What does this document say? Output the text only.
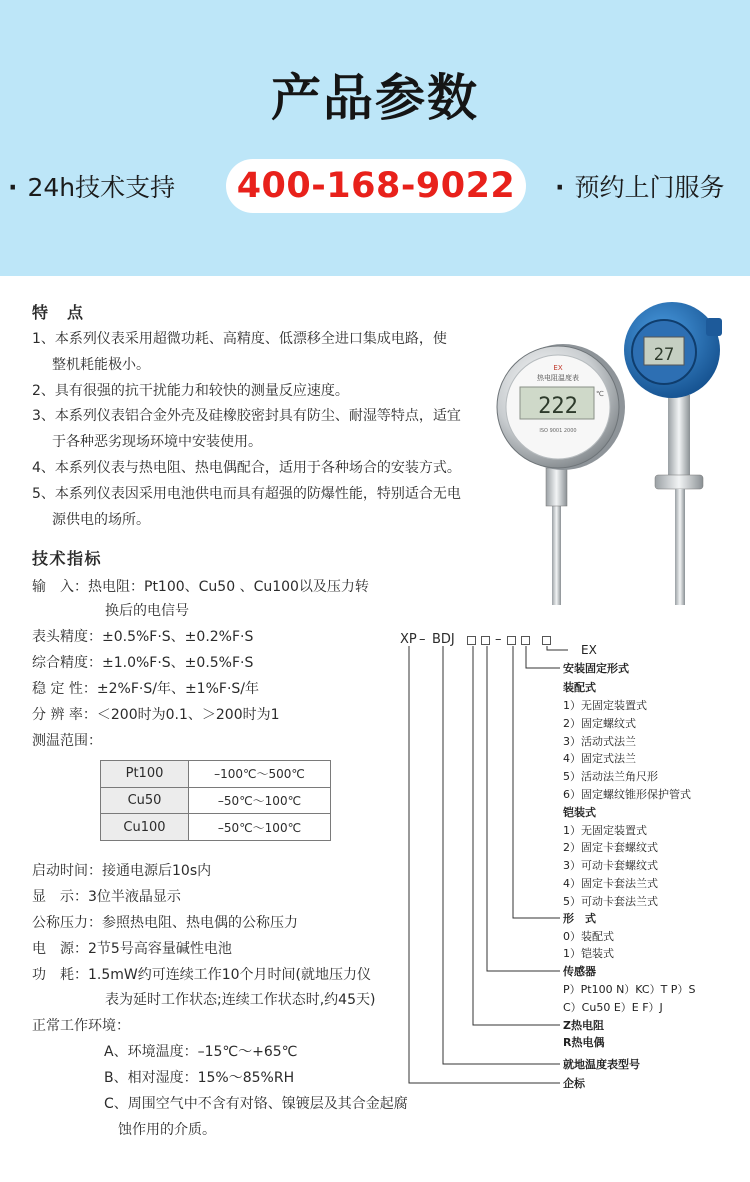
产品参数
· 24h技术支持	400-168-9022	· 预约上门服务
特　点
1、本系列仪表采用超微功耗、高精度、低漂移全进口集成电路，使
整机耗能极小。
2、具有很强的抗干扰能力和较快的测量反应速度。
3、本系列仪表铝合金外壳及硅橡胶密封具有防尘、耐湿等特点，适宜
于各种恶劣现场环境中安装使用。
4、本系列仪表与热电阻、热电偶配合，适用于各种场合的安装方式。
5、本系列仪表因采用电池供电而具有超强的防爆性能，特别适合无电
源供电的场所。
EX
热电阻温度表
222	℃
ISO 9001 2000
27
技术指标
输　入：热电阻：Pt100、Cu50 、Cu100以及压力转
换后的电信号
表头精度：±0.5%F·S、±0.2%F·S
综合精度：±1.0%F·S、±0.5%F·S
稳 定 性：±2%F·S/年、±1%F·S/年
分 辨 率：＜200时为0.1、＞200时为1
测温范围：
Pt100	–100℃～500℃
Cu50	–50℃～100℃
Cu100	–50℃～100℃
启动时间：接通电源后10s内
显　示：3位半液晶显示
公称压力：参照热电阻、热电偶的公称压力
电　源：2节5号高容量碱性电池
功　耗：1.5mW约可连续工作10个月时间(就地压力仪
表为延时工作状态;连续工作状态时,约45天)
正常工作环境：
A、环境温度：–15℃～+65℃
B、相对湿度：15%～85%RH
C、周围空气中不含有对铬、镍镀层及其合金起腐
蚀作用的介质。
XP – BDJ	–
EX
安装固定形式
装配式
1）无固定装置式
2）固定螺纹式
3）活动式法兰
4）固定式法兰
5）活动法兰角尺形
6）固定螺纹锥形保护管式
铠装式
1）无固定装置式
2）固定卡套螺纹式
3）可动卡套螺纹式
4）固定卡套法兰式
5）可动卡套法兰式
形　式
0）装配式
1）铠装式
传感器
P）Pt100 N）KC）T P）S
C）Cu50 E）E F）J
Z热电阻
R热电偶
就地温度表型号
企标
